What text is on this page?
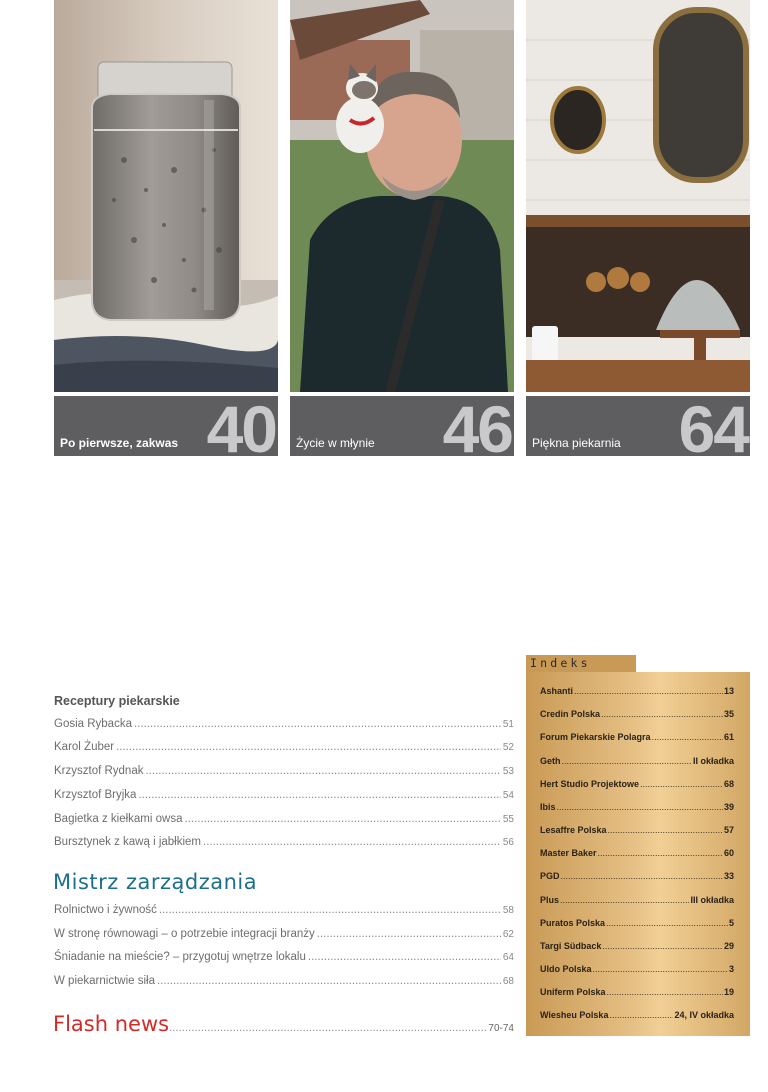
Po pierwsze, zakwas 40 Życie w młynie 46 Piękna piekarnia 64
Receptury piekarskie
Gosia Rybacka .....	51
Karol Żuber .....	52
Krzysztof Rydnak .....	53
Krzysztof Bryjka .....	54
Bagietka z kiełkami owsa .....	55
Bursztynek z kawą i jabłkiem .....	56
Mistrz zarządzania
Rolnictwo i żywność .....	58
W stronę równowagi – o potrzebie integracji branży .....	62
Śniadanie na mieście? – przygotuj wnętrze lokalu .....	64
W piekarnictwie siła .....	68
Flash news .....	70-74
Indeks
Ashanti .....	13
Credin Polska .....	35
Forum Piekarskie Polagra .....	61
Geth .....	II okładka
Hert Studio Projektowe .....	68
Ibis .....	39
Lesaffre Polska .....	57
Master Baker .....	60
PGD .....	33
Plus .....	III okładka
Puratos Polska .....	5
Targi Südback .....	29
Uldo Polska .....	3
Uniferm Polska .....	19
Wiesheu Polska .....	24, IV okładka
